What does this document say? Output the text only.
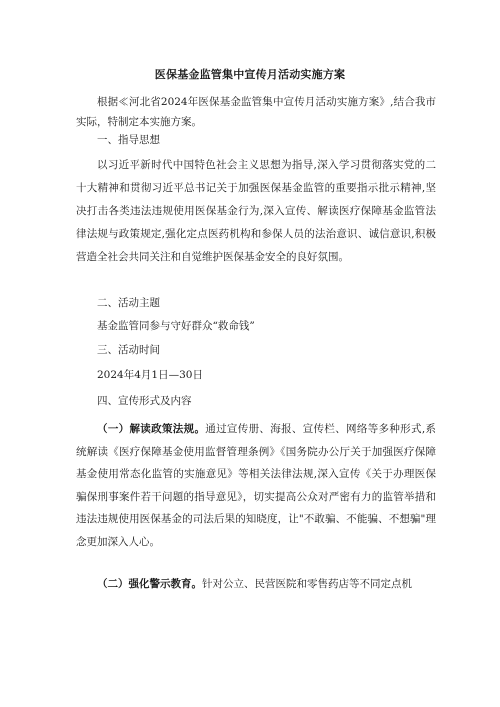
医保基金监管集中宣传月活动实施方案
根据≪河北省2024年医保基金监管集中宣传月活动实施方案》,结合我市实际，特制定本实施方案。
一、指导思想
以习近平新时代中国特色社会主义思想为指导,深入学习贯彻落实党的二十大精神和贯彻习近平总书记关于加强医保基金监管的重要指示批示精神,坚决打击各类违法违规使用医保基金行为,深入宣传、解读医疗保障基金监管法律法规与政策规定,强化定点医药机构和参保人员的法治意识、诚信意识,积极营造全社会共同关注和自觉维护医保基金安全的良好氛围。
二、活动主题
基金监管同参与守好群众“救命钱”
三、活动时间
2024年4月1日—30日
四、宣传形式及内容
（一）解读政策法规。通过宣传册、海报、宣传栏、网络等多种形式,系统解读《医疗保障基金使用监督管理条例》《国务院办公厅关于加强医疗保障基金使用常态化监管的实施意见》等相关法律法规,深入宣传《关于办理医保骗保刑事案件若干问题的指导意见》，切实提高公众对严密有力的监管举措和违法违规使用医保基金的司法后果的知晓度，让"不敢骗、不能骗、不想骗"理念更加深入人心。
（二）强化警示教育。针对公立、民营医院和零售药店等不同定点机
